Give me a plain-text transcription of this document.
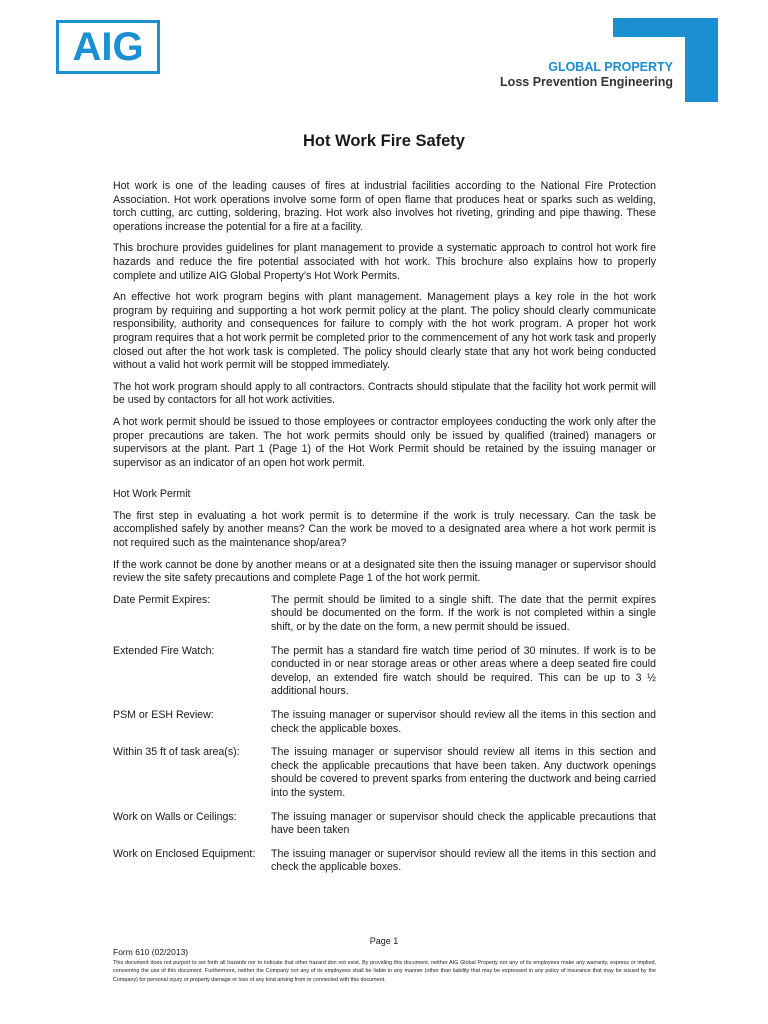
AIG	GLOBAL PROPERTY
Loss Prevention Engineering
Hot Work Fire Safety

Hot work is one of the leading causes of fires at industrial facilities according to the National Fire Protection Association. Hot work operations involve some form of open flame that produces heat or sparks such as welding, torch cutting, arc cutting, soldering, brazing. Hot work also involves hot riveting, grinding and pipe thawing. These operations increase the potential for a fire at a facility.

This brochure provides guidelines for plant management to provide a systematic approach to control hot work fire hazards and reduce the fire potential associated with hot work. This brochure also explains how to properly complete and utilize AIG Global Property’s Hot Work Permits.

An effective hot work program begins with plant management. Management plays a key role in the hot work program by requiring and supporting a hot work permit policy at the plant. The policy should clearly communicate responsibility, authority and consequences for failure to comply with the hot work program. A proper hot work program requires that a hot work permit be completed prior to the commencement of any hot work task and properly closed out after the hot work task is completed. The policy should clearly state that any hot work being conducted without a valid hot work permit will be stopped immediately.

The hot work program should apply to all contractors. Contracts should stipulate that the facility hot work permit will be used by contactors for all hot work activities.

A hot work permit should be issued to those employees or contractor employees conducting the work only after the proper precautions are taken. The hot work permits should only be issued by qualified (trained) managers or supervisors at the plant. Part 1 (Page 1) of the Hot Work Permit should be retained by the issuing manager or supervisor as an indicator of an open hot work permit.

Hot Work Permit

The first step in evaluating a hot work permit is to determine if the work is truly necessary. Can the task be accomplished safely by another means? Can the work be moved to a designated area where a hot work permit is not required such as the maintenance shop/area?

If the work cannot be done by another means or at a designated site then the issuing manager or supervisor should review the site safety precautions and complete Page 1 of the hot work permit.

Date Permit Expires:	The permit should be limited to a single shift. The date that the permit expires should be documented on the form. If the work is not completed within a single shift, or by the date on the form, a new permit should be issued.
Extended Fire Watch:	The permit has a standard fire watch time period of 30 minutes. If work is to be conducted in or near storage areas or other areas where a deep seated fire could develop, an extended fire watch should be required. This can be up to 3 ½ additional hours.
PSM or ESH Review:	The issuing manager or supervisor should review all the items in this section and check the applicable boxes.
Within 35 ft of task area(s):	The issuing manager or supervisor should review all items in this section and check the applicable precautions that have been taken. Any ductwork openings should be covered to prevent sparks from entering the ductwork and being carried into the system.
Work on Walls or Ceilings:	The issuing manager or supervisor should check the applicable precautions that have been taken
Work on Enclosed Equipment:	The issuing manager or supervisor should review all the items in this section and check the applicable boxes.
Page 1
Form 610 (02/2013)
This document does not purport to set forth all hazards nor to indicate that other hazard don not exist. By providing this document, neither AIG Global Property nor any of its employees make any warranty, express or implied, concerning the use of this document. Furthermore, neither the Company nor any of its employees shall be liable in any manner (other than liability that may be expressed in any policy of insurance that may be issued by the Company) for personal injury or property damage or loss of any kind arising from or connected with this document.
